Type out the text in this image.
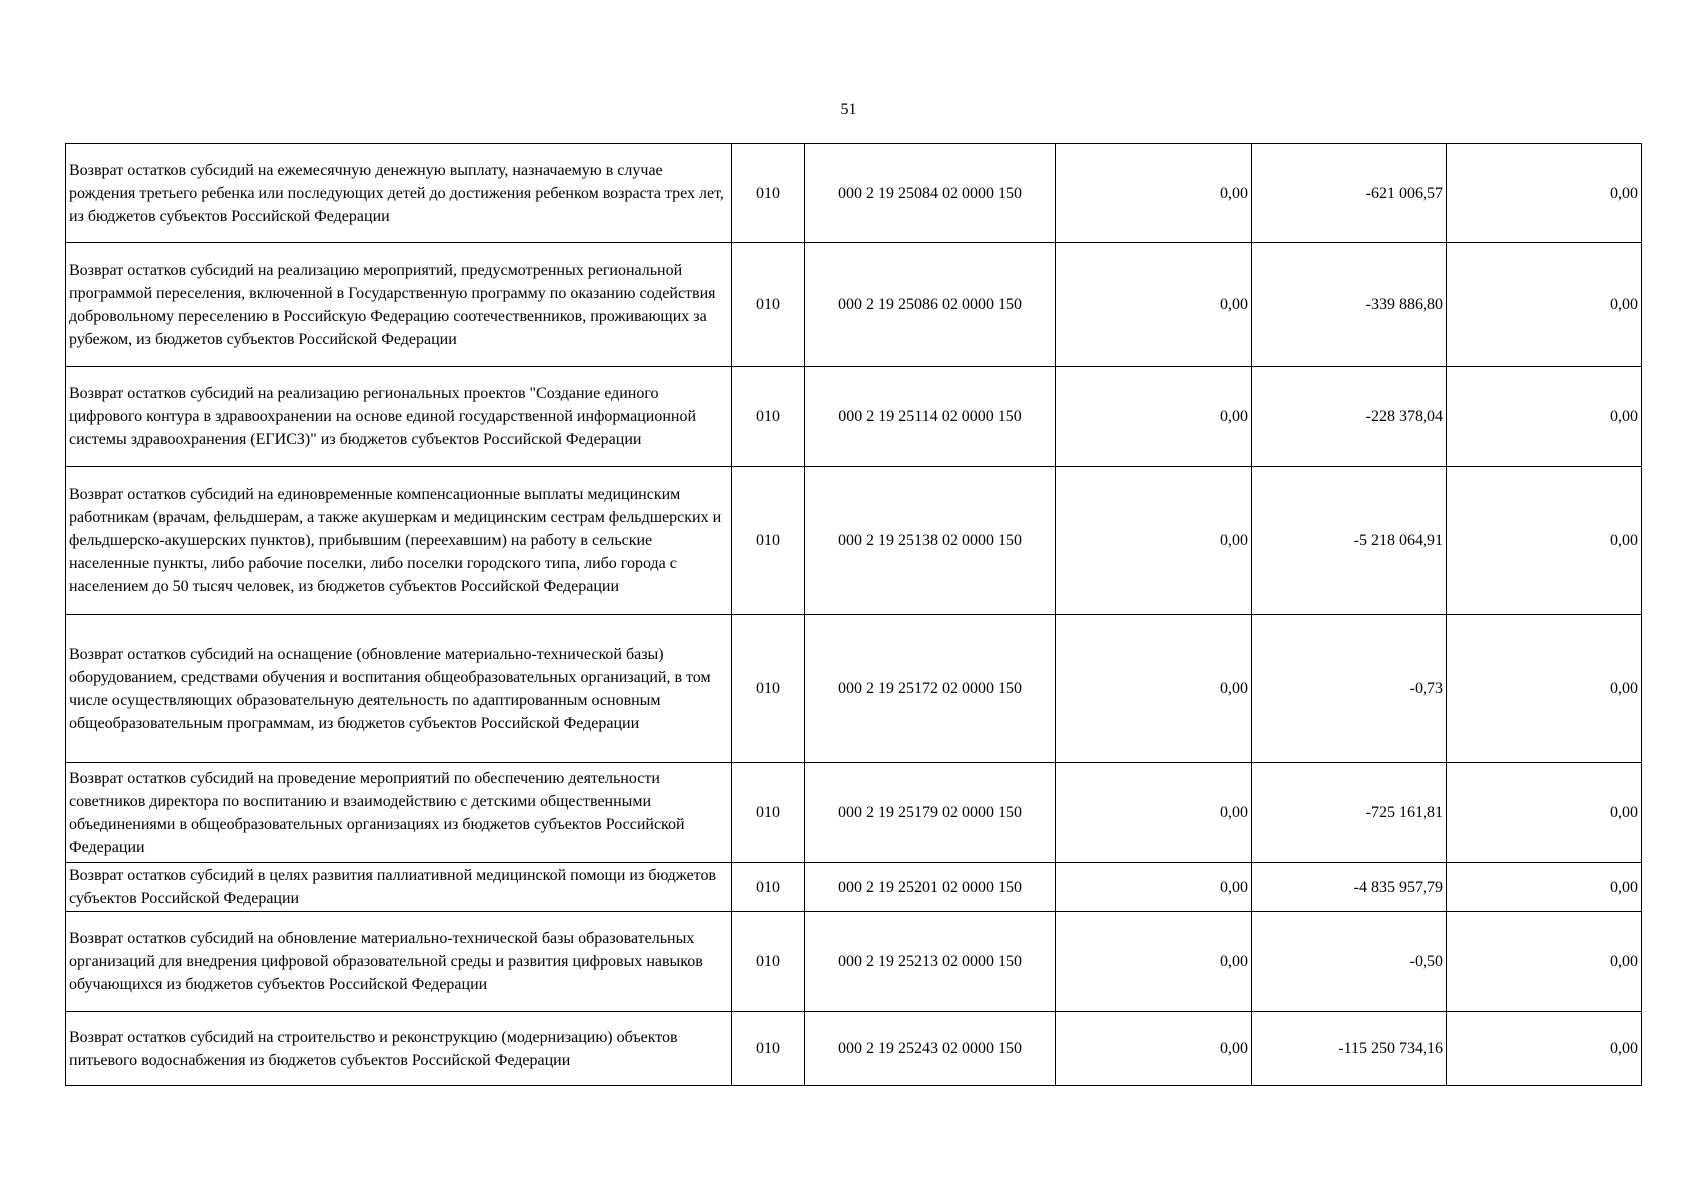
51
Возврат остатков субсидий на ежемесячную денежную выплату, назначаемую в случае рождения третьего ребенка или последующих детей до достижения ребенком возраста трех лет, из бюджетов субъектов Российской Федерации	010	000 2 19 25084 02 0000 150	0,00	-621 006,57	0,00
Возврат остатков субсидий на реализацию мероприятий, предусмотренных региональной программой переселения, включенной в Государственную программу по оказанию содействия добровольному переселению в Российскую Федерацию соотечественников, проживающих за рубежом, из бюджетов субъектов Российской Федерации	010	000 2 19 25086 02 0000 150	0,00	-339 886,80	0,00
Возврат остатков субсидий на реализацию региональных проектов "Создание единого цифрового контура в здравоохранении на основе единой государственной информационной системы здравоохранения (ЕГИСЗ)" из бюджетов субъектов Российской Федерации	010	000 2 19 25114 02 0000 150	0,00	-228 378,04	0,00
Возврат остатков субсидий на единовременные компенсационные выплаты медицинским работникам (врачам, фельдшерам, а также акушеркам и медицинским сестрам фельдшерских и фельдшерско-акушерских пунктов), прибывшим (переехавшим) на работу в сельские населенные пункты, либо рабочие поселки, либо поселки городского типа, либо города с населением до 50 тысяч человек, из бюджетов субъектов Российской Федерации	010	000 2 19 25138 02 0000 150	0,00	-5 218 064,91	0,00
Возврат остатков субсидий на оснащение (обновление материально-технической базы) оборудованием, средствами обучения и воспитания общеобразовательных организаций, в том числе осуществляющих образовательную деятельность по адаптированным основным общеобразовательным программам, из бюджетов субъектов Российской Федерации	010	000 2 19 25172 02 0000 150	0,00	-0,73	0,00
Возврат остатков субсидий на проведение мероприятий по обеспечению деятельности советников директора по воспитанию и взаимодействию с детскими общественными объединениями в общеобразовательных организациях из бюджетов субъектов Российской Федерации	010	000 2 19 25179 02 0000 150	0,00	-725 161,81	0,00
Возврат остатков субсидий в целях развития паллиативной медицинской помощи из бюджетов субъектов Российской Федерации	010	000 2 19 25201 02 0000 150	0,00	-4 835 957,79	0,00
Возврат остатков субсидий на обновление материально-технической базы образовательных организаций для внедрения цифровой образовательной среды и развития цифровых навыков обучающихся из бюджетов субъектов Российской Федерации	010	000 2 19 25213 02 0000 150	0,00	-0,50	0,00
Возврат остатков субсидий на строительство и реконструкцию (модернизацию) объектов питьевого водоснабжения из бюджетов субъектов Российской Федерации	010	000 2 19 25243 02 0000 150	0,00	-115 250 734,16	0,00
